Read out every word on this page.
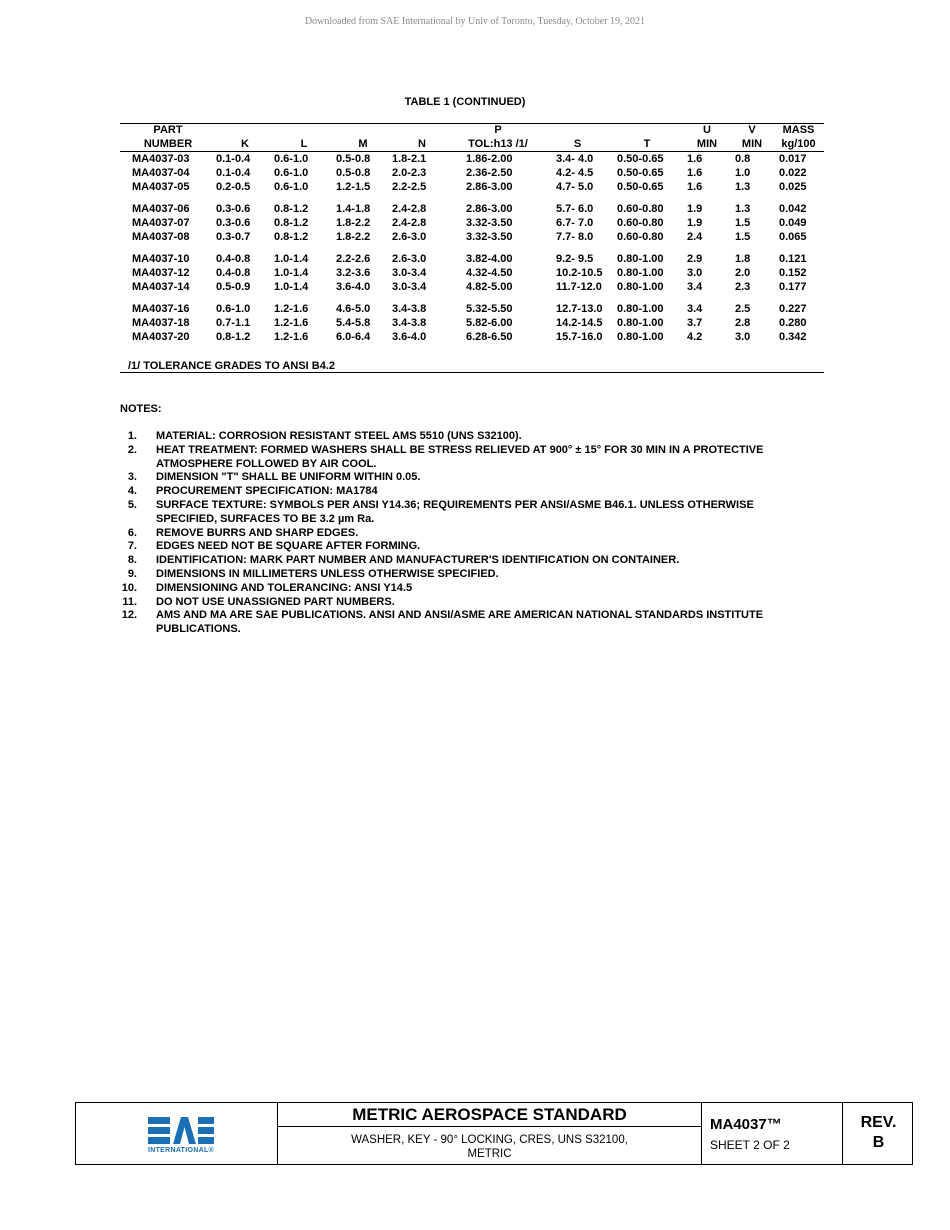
Downloaded from SAE International by Univ of Toronto, Tuesday, October 19, 2021
TABLE 1 (CONTINUED)
PART					P			U	V	MASS
NUMBER	K	L	M	N	TOL:h13 /1/	S	T	MIN	MIN	kg/100
MA4037-03	0.1-0.4	0.6-1.0	0.5-0.8	1.8-2.1	1.86-2.00	3.4- 4.0	0.50-0.65	1.6	0.8	0.017
MA4037-04	0.1-0.4	0.6-1.0	0.5-0.8	2.0-2.3	2.36-2.50	4.2- 4.5	0.50-0.65	1.6	1.0	0.022
MA4037-05	0.2-0.5	0.6-1.0	1.2-1.5	2.2-2.5	2.86-3.00	4.7- 5.0	0.50-0.65	1.6	1.3	0.025
MA4037-06	0.3-0.6	0.8-1.2	1.4-1.8	2.4-2.8	2.86-3.00	5.7- 6.0	0.60-0.80	1.9	1.3	0.042
MA4037-07	0.3-0.6	0.8-1.2	1.8-2.2	2.4-2.8	3.32-3.50	6.7- 7.0	0.60-0.80	1.9	1.5	0.049
MA4037-08	0.3-0.7	0.8-1.2	1.8-2.2	2.6-3.0	3.32-3.50	7.7- 8.0	0.60-0.80	2.4	1.5	0.065
MA4037-10	0.4-0.8	1.0-1.4	2.2-2.6	2.6-3.0	3.82-4.00	9.2- 9.5	0.80-1.00	2.9	1.8	0.121
MA4037-12	0.4-0.8	1.0-1.4	3.2-3.6	3.0-3.4	4.32-4.50	10.2-10.5	0.80-1.00	3.0	2.0	0.152
MA4037-14	0.5-0.9	1.0-1.4	3.6-4.0	3.0-3.4	4.82-5.00	11.7-12.0	0.80-1.00	3.4	2.3	0.177
MA4037-16	0.6-1.0	1.2-1.6	4.6-5.0	3.4-3.8	5.32-5.50	12.7-13.0	0.80-1.00	3.4	2.5	0.227
MA4037-18	0.7-1.1	1.2-1.6	5.4-5.8	3.4-3.8	5.82-6.00	14.2-14.5	0.80-1.00	3.7	2.8	0.280
MA4037-20	0.8-1.2	1.2-1.6	6.0-6.4	3.6-4.0	6.28-6.50	15.7-16.0	0.80-1.00	4.2	3.0	0.342
/1/ TOLERANCE GRADES TO ANSI B4.2
NOTES:
1. MATERIAL: CORROSION RESISTANT STEEL AMS 5510 (UNS S32100).
2. HEAT TREATMENT: FORMED WASHERS SHALL BE STRESS RELIEVED AT 900° ± 15° FOR 30 MIN IN A PROTECTIVE ATMOSPHERE FOLLOWED BY AIR COOL.
3. DIMENSION "T" SHALL BE UNIFORM WITHIN 0.05.
4. PROCUREMENT SPECIFICATION: MA1784
5. SURFACE TEXTURE: SYMBOLS PER ANSI Y14.36; REQUIREMENTS PER ANSI/ASME B46.1. UNLESS OTHERWISE SPECIFIED, SURFACES TO BE 3.2 µm Ra.
6. REMOVE BURRS AND SHARP EDGES.
7. EDGES NEED NOT BE SQUARE AFTER FORMING.
8. IDENTIFICATION: MARK PART NUMBER AND MANUFACTURER'S IDENTIFICATION ON CONTAINER.
9. DIMENSIONS IN MILLIMETERS UNLESS OTHERWISE SPECIFIED.
10. DIMENSIONING AND TOLERANCING: ANSI Y14.5
11. DO NOT USE UNASSIGNED PART NUMBERS.
12. AMS AND MA ARE SAE PUBLICATIONS. ANSI AND ANSI/ASME ARE AMERICAN NATIONAL STANDARDS INSTITUTE PUBLICATIONS.
INTERNATIONAL®
METRIC AEROSPACE STANDARD
WASHER, KEY - 90° LOCKING, CRES, UNS S32100,
METRIC
MA4037™
SHEET 2 OF 2
REV.
B
